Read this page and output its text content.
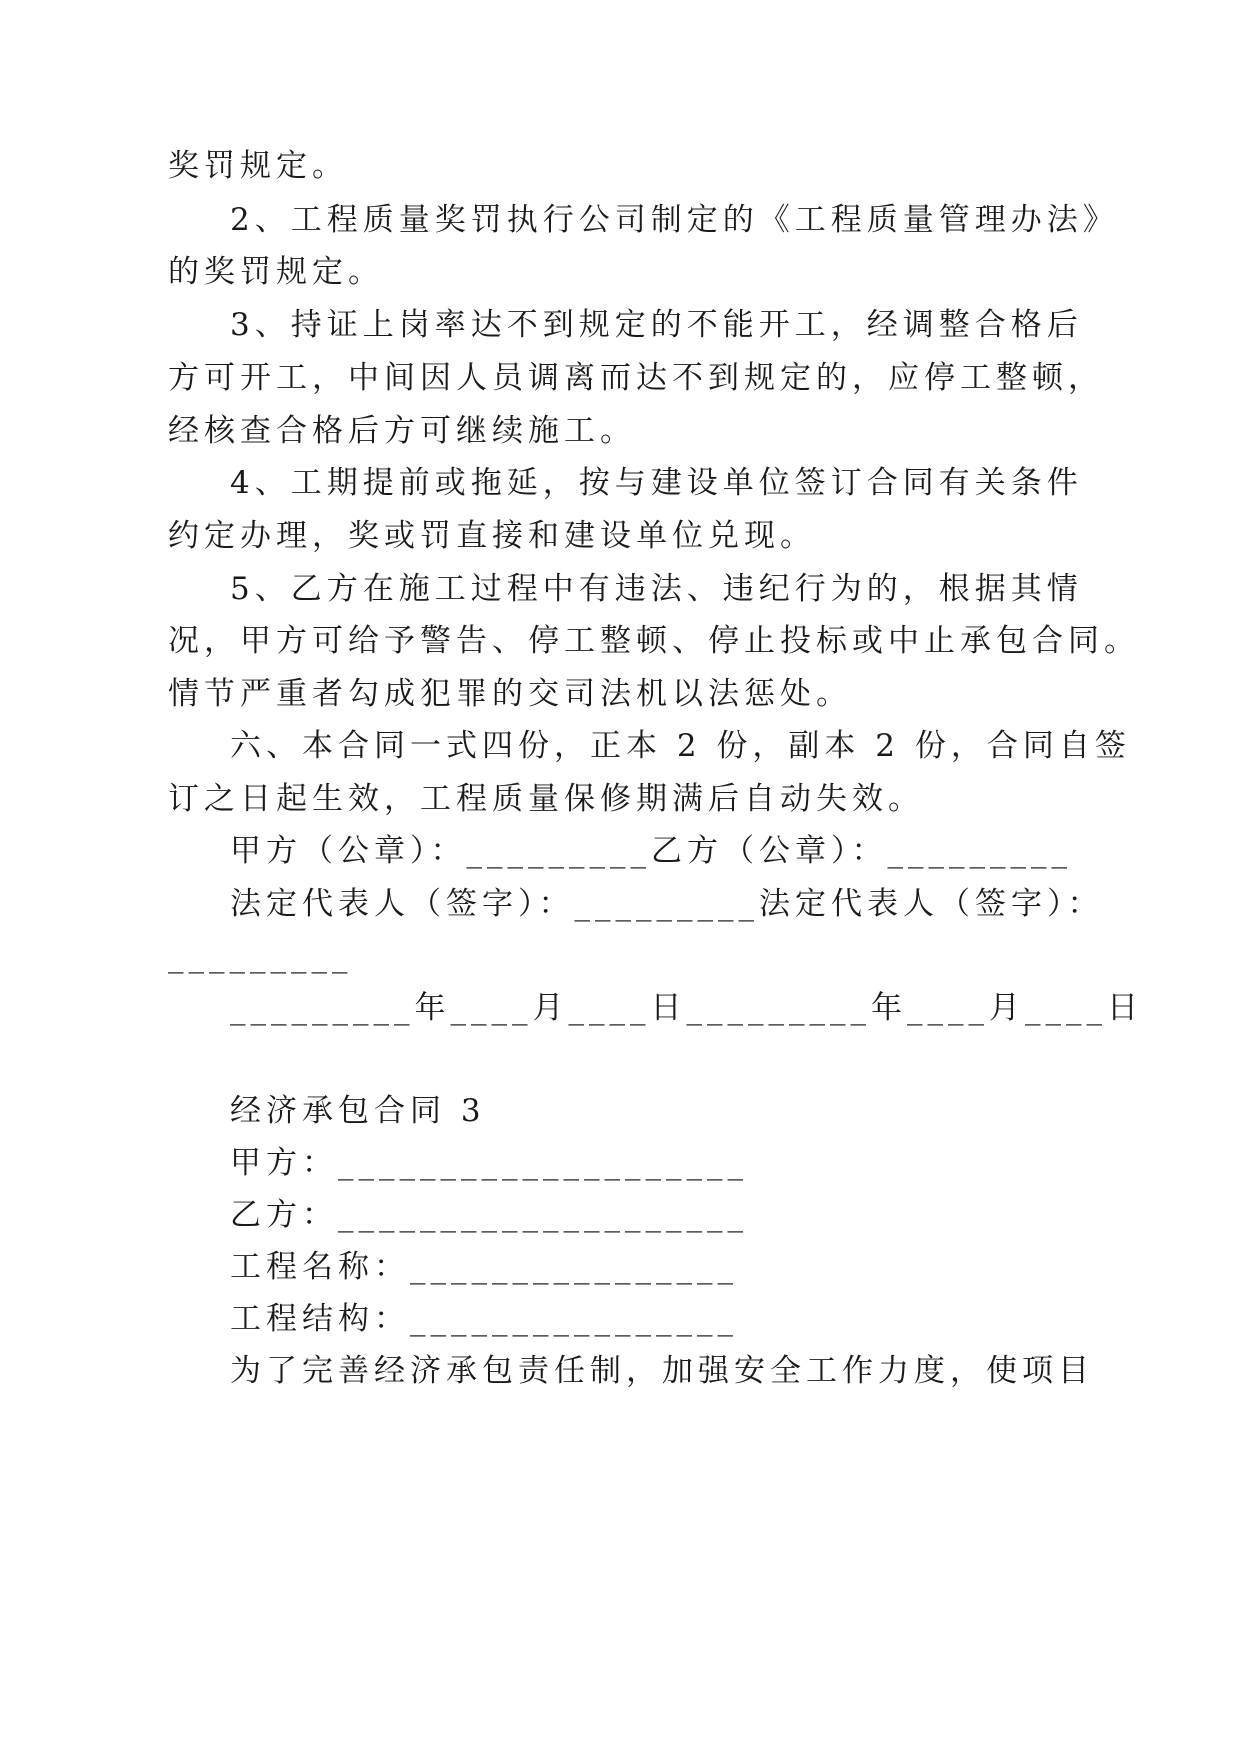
奖罚规定。
2、工程质量奖罚执行公司制定的《工程质量管理办法》
的奖罚规定。
3、持证上岗率达不到规定的不能开工，经调整合格后
方可开工，中间因人员调离而达不到规定的，应停工整顿，
经核查合格后方可继续施工。
4、工期提前或拖延，按与建设单位签订合同有关条件
约定办理，奖或罚直接和建设单位兑现。
5、乙方在施工过程中有违法、违纪行为的，根据其情
况，甲方可给予警告、停工整顿、停止投标或中止承包合同。
情节严重者勾成犯罪的交司法机以法惩处。
六、本合同一式四份，正本 2 份，副本 2 份，合同自签
订之日起生效，工程质量保修期满后自动失效。
甲方（公章）：_________乙方（公章）：_________
法定代表人（签字）：_________法定代表人（签字）：
_________
_________年____月____日_________年____月____日
经济承包合同 3
甲方：____________________
乙方：____________________
工程名称：________________
工程结构：________________
为了完善经济承包责任制，加强安全工作力度，使项目
